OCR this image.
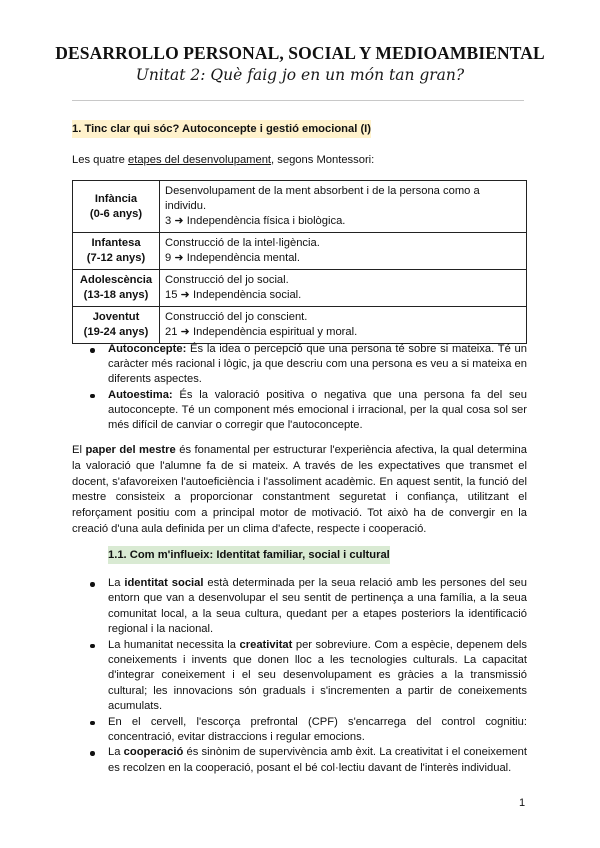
DESARROLLO PERSONAL, SOCIAL Y MEDIOAMBIENTAL
Unitat 2: Què faig jo en un món tan gran?
1. Tinc clar qui sóc? Autoconcepte i gestió emocional (I)

Les quatre etapes del desenvolupament, segons Montessori:

Infància
(0-6 anys)	Desenvolupament de la ment absorbent i de la persona como a individu.
3 ➜ Independència física i biològica.

Infantesa
(7-12 anys)	Construcció de la intel·ligència.
9 ➜ Independència mental.

Adolescència
(13-18 anys)	Construcció del jo social.
15 ➜ Independència social.

Joventut
(19-24 anys)	Construcció del jo conscient.
21 ➜ Independència espiritual y moral.
Autoconcepte: És la idea o percepció que una persona té sobre si mateixa. Té un caràcter més racional i lògic, ja que descriu com una persona es veu a si mateixa en diferents aspectes.
Autoestima: És la valoració positiva o negativa que una persona fa del seu autoconcepte. Té un component més emocional i irracional, per la qual cosa sol ser més difícil de canviar o corregir que l'autoconcepte.

El paper del mestre és fonamental per estructurar l'experiència afectiva, la qual determina la valoració que l'alumne fa de si mateix. A través de les expectatives que transmet el docent, s'afavoreixen l'autoeficiència i l'assoliment acadèmic. En aquest sentit, la funció del mestre consisteix a proporcionar constantment seguretat i confiança, utilitzant el reforçament positiu com a principal motor de motivació. Tot això ha de convergir en la creació d'una aula definida per un clima d'afecte, respecte i cooperació.

1.1. Com m'influeix: Identitat familiar, social i cultural
La identitat social està determinada per la seua relació amb les persones del seu entorn que van a desenvolupar el seu sentit de pertinença a una família, a la seua comunitat local, a la seua cultura, quedant per a etapes posteriors la identificació regional i la nacional.
La humanitat necessita la creativitat per sobreviure. Com a espècie, depenem dels coneixements i invents que donen lloc a les tecnologies culturals. La capacitat d'integrar coneixement i el seu desenvolupament es gràcies a la transmissió cultural; les innovacions són graduals i s'incrementen a partir de coneixements acumulats.
En el cervell, l'escorça prefrontal (CPF) s'encarrega del control cognitiu: concentració, evitar distraccions i regular emocions.
La cooperació és sinònim de supervivència amb èxit. La creativitat i el coneixement es recolzen en la cooperació, posant el bé col·lectiu davant de l'interès individual.
1
